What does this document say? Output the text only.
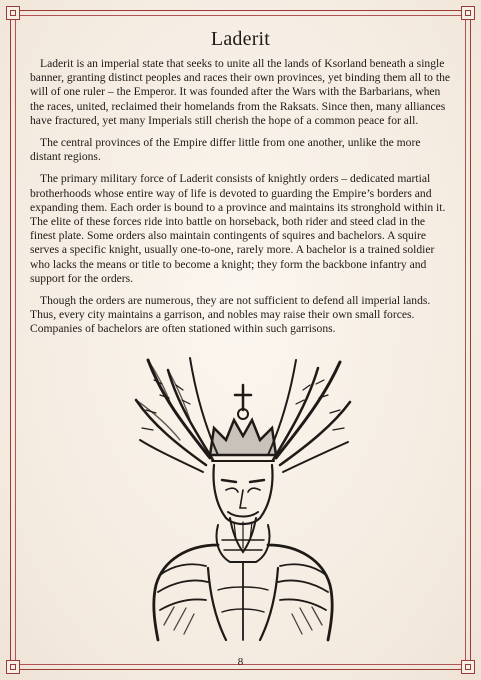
Laderit

Laderit is an imperial state that seeks to unite all the lands of Ksorland beneath a single banner, granting distinct peoples and races their own provinces, yet binding them all to the will of one ruler – the Emperor. It was founded after the Wars with the Barbarians, when the races, united, reclaimed their homelands from the Raksats. Since then, many alliances have fractured, yet many Imperials still cherish the hope of a common peace for all.

The central provinces of the Empire differ little from one another, unlike the more distant regions.

The primary military force of Laderit consists of knightly orders – dedicated martial brotherhoods whose entire way of life is devoted to guarding the Empire’s borders and expanding them. Each order is bound to a province and maintains its stronghold within it. The elite of these forces ride into battle on horseback, both rider and steed clad in the finest plate. Some orders also maintain contingents of squires and bachelors. A squire serves a specific knight, usually one-to-one, rarely more. A bachelor is a trained soldier who lacks the means or title to become a knight; they form the backbone infantry and support for the orders.

Though the orders are numerous, they are not sufficient to defend all imperial lands. Thus, every city maintains a garrison, and nobles may raise their own small forces. Companies of bachelors are often stationed within such garrisons.

8
